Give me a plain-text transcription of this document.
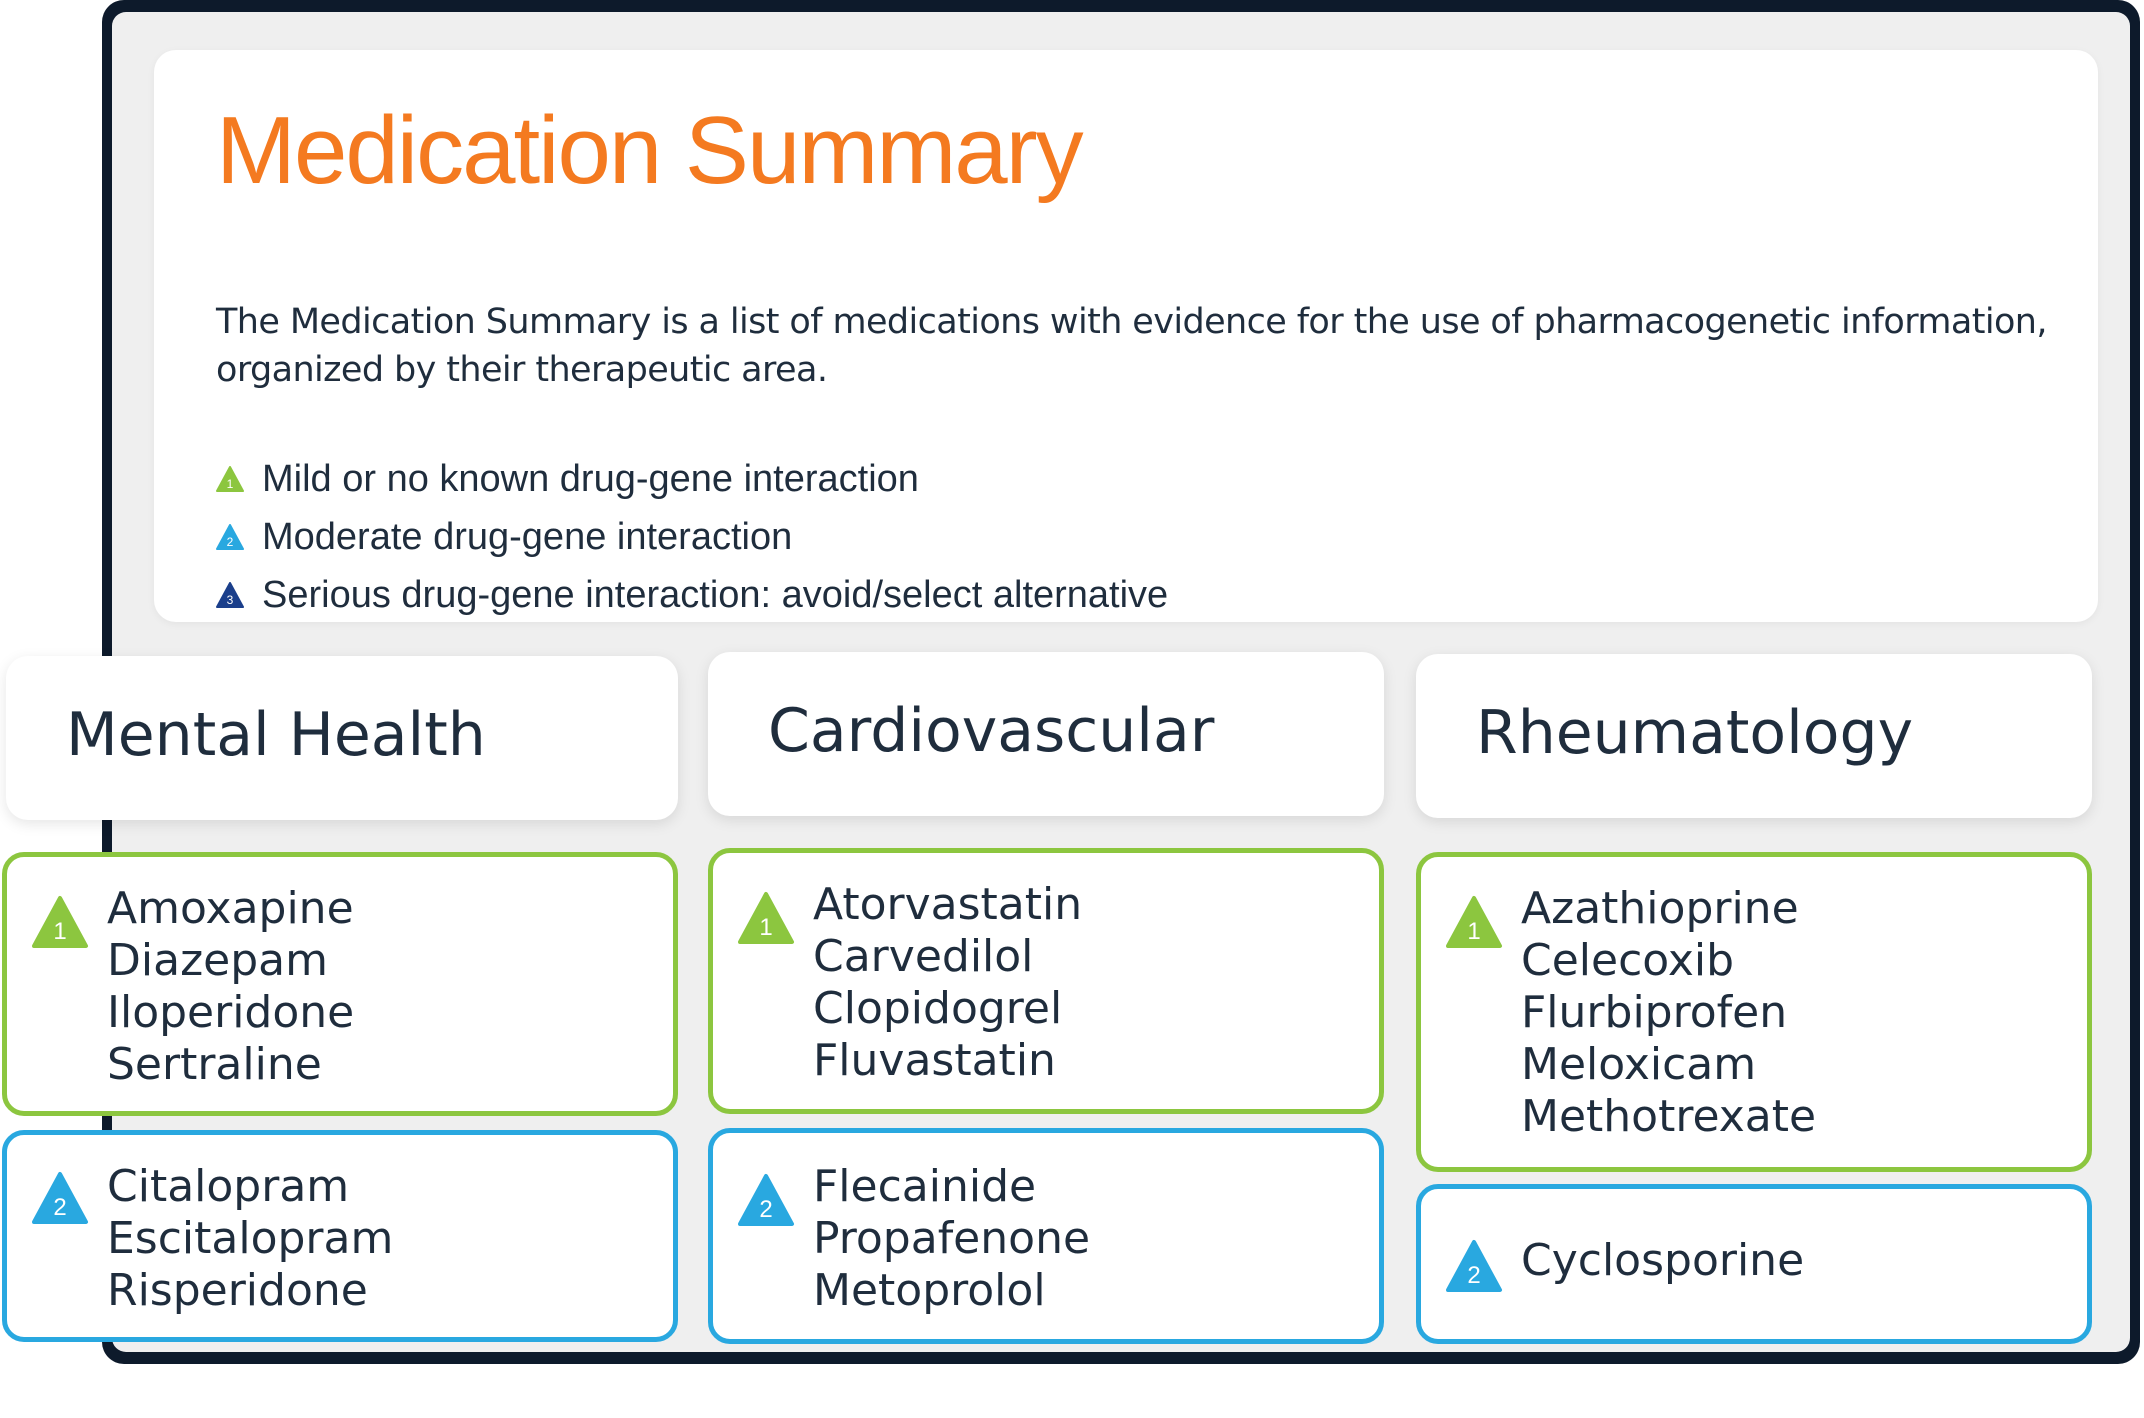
Medication Summary

The Medication Summary is a list of medications with evidence for the use of pharmacogenetic information, organized by their therapeutic area.

1 Mild or no known drug-gene interaction
2 Moderate drug-gene interaction
3 Serious drug-gene interaction: avoid/select alternative
Mental Health
1 Amoxapine
Diazepam
Iloperidone
Sertraline
2 Citalopram
Escitalopram
Risperidone
Cardiovascular
1 Atorvastatin
Carvedilol
Clopidogrel
Fluvastatin
2 Flecainide
Propafenone
Metoprolol
Rheumatology
1 Azathioprine
Celecoxib
Flurbiprofen
Meloxicam
Methotrexate
2 Cyclosporine
